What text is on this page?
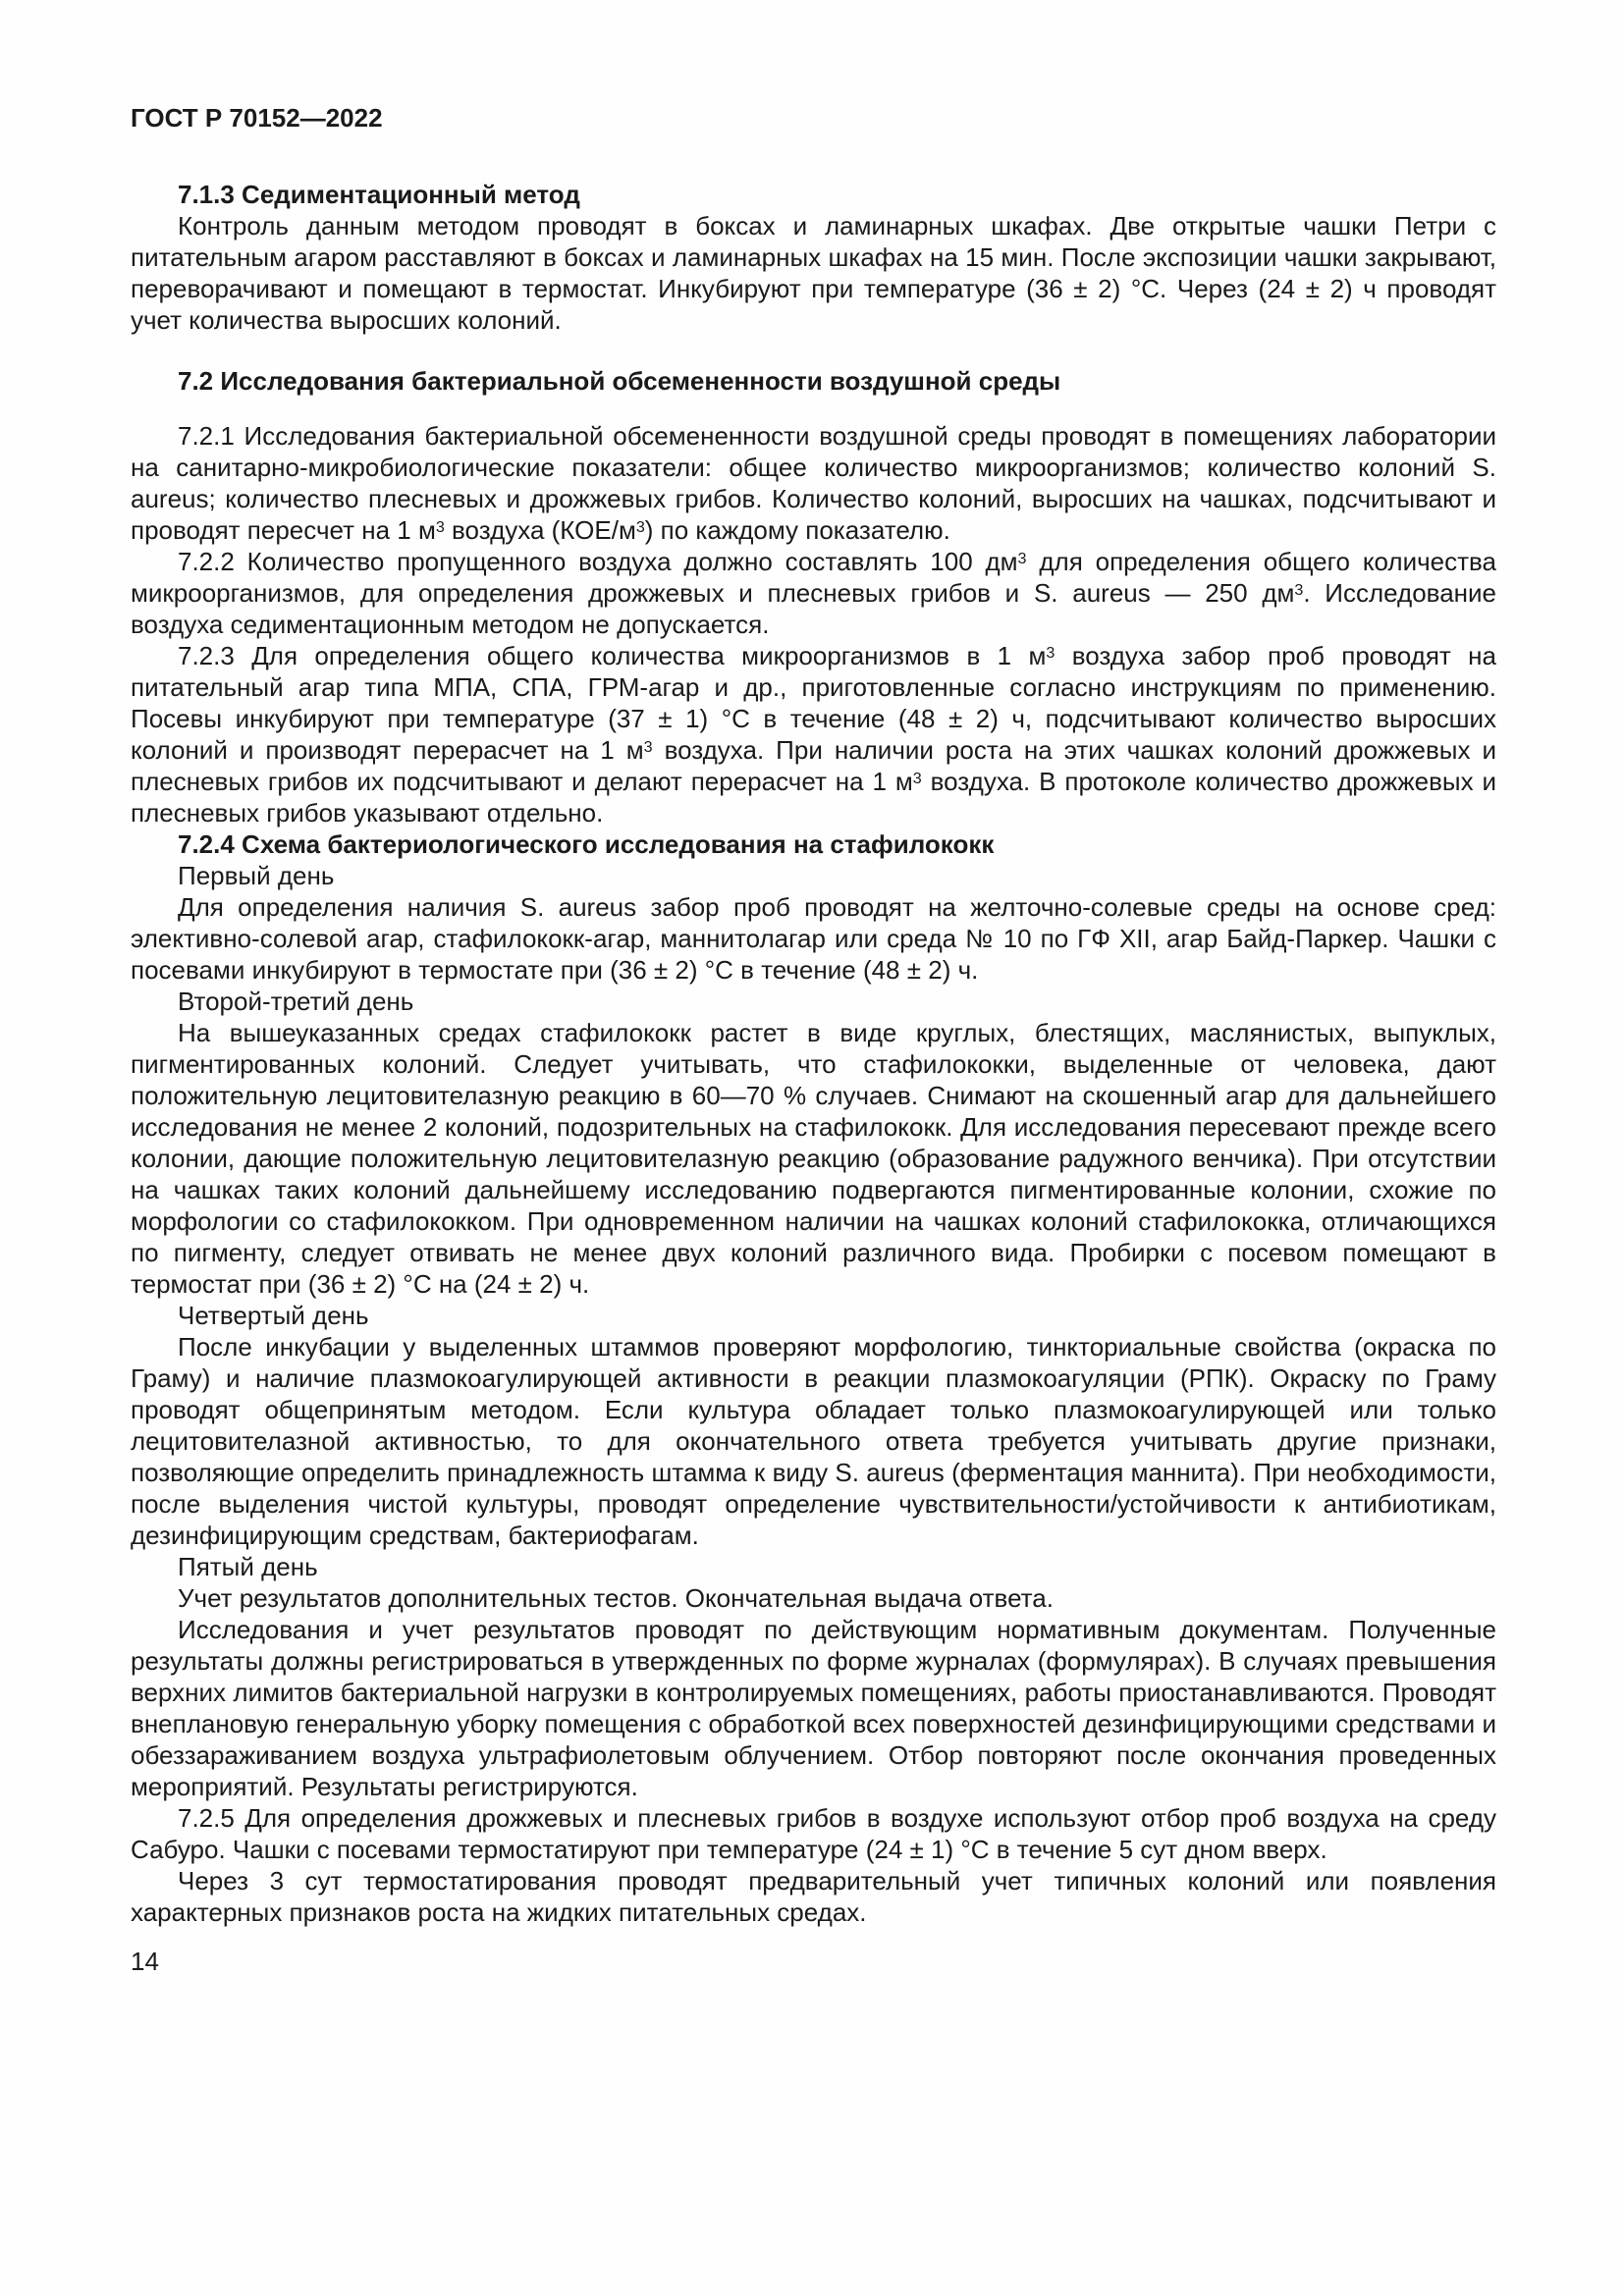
ГОСТ Р 70152—2022
7.1.3 Седиментационный метод

Контроль данным методом проводят в боксах и ламинарных шкафах. Две открытые чашки Петри с питательным агаром расставляют в боксах и ламинарных шкафах на 15 мин. После экспозиции чашки закрывают, переворачивают и помещают в термостат. Инкубируют при температуре (36 ± 2) °C. Через (24 ± 2) ч проводят учет количества выросших колоний.

7.2 Исследования бактериальной обсемененности воздушной среды

7.2.1 Исследования бактериальной обсемененности воздушной среды проводят в помещениях лаборатории на санитарно-микробиологические показатели: общее количество микроорганизмов; количество колоний S. aureus; количество плесневых и дрожжевых грибов. Количество колоний, выросших на чашках, подсчитывают и проводят пересчет на 1 $м^3$ воздуха $(КОЕ/м^3)$ по каждому показателю.

7.2.2 Количество пропущенного воздуха должно составлять 100 $дм^3$ для определения общего количества микроорганизмов, для определения дрожжевых и плесневых грибов и S. aureus — 250 $дм^3$. Исследование воздуха седиментационным методом не допускается.

7.2.3 Для определения общего количества микроорганизмов в 1 $м^3$ воздуха забор проб проводят на питательный агар типа МПА, СПА, ГРМ-агар и др., приготовленные согласно инструкциям по применению. Посевы инкубируют при температуре (37 ± 1) °C в течение (48 ± 2) ч, подсчитывают количество выросших колоний и производят перерасчет на 1 $м^3$ воздуха. При наличии роста на этих чашках колоний дрожжевых и плесневых грибов их подсчитывают и делают перерасчет на 1 $м^3$ воздуха. В протоколе количество дрожжевых и плесневых грибов указывают отдельно.

7.2.4 Схема бактериологического исследования на стафилококк

Первый день

Для определения наличия S. aureus забор проб проводят на желточно-солевые среды на основе сред: элективно-солевой агар, стафилококк-агар, маннитолагар или среда № 10 по ГФ XII, агар Байд-Паркер. Чашки с посевами инкубируют в термостате при (36 ± 2) °C в течение (48 ± 2) ч.

Второй-третий день

На вышеуказанных средах стафилококк растет в виде круглых, блестящих, маслянистых, выпуклых, пигментированных колоний. Следует учитывать, что стафилококки, выделенные от человека, дают положительную лецитовителазную реакцию в 60—70 % случаев. Снимают на скошенный агар для дальнейшего исследования не менее 2 колоний, подозрительных на стафилококк. Для исследования пересевают прежде всего колонии, дающие положительную лецитовителазную реакцию (образование радужного венчика). При отсутствии на чашках таких колоний дальнейшему исследованию подвергаются пигментированные колонии, схожие по морфологии со стафилококком. При одновременном наличии на чашках колоний стафилококка, отличающихся по пигменту, следует отвивать не менее двух колоний различного вида. Пробирки с посевом помещают в термостат при (36 ± 2) °C на (24 ± 2) ч.

Четвертый день

После инкубации у выделенных штаммов проверяют морфологию, тинкториальные свойства (окраска по Граму) и наличие плазмокоагулирующей активности в реакции плазмокоагуляции (РПК). Окраску по Граму проводят общепринятым методом. Если культура обладает только плазмокоагулирующей или только лецитовителазной активностью, то для окончательного ответа требуется учитывать другие признаки, позволяющие определить принадлежность штамма к виду S. aureus (ферментация маннита). При необходимости, после выделения чистой культуры, проводят определение чувствительности/устойчивости к антибиотикам, дезинфицирующим средствам, бактериофагам.

Пятый день

Учет результатов дополнительных тестов. Окончательная выдача ответа.

Исследования и учет результатов проводят по действующим нормативным документам. Полученные результаты должны регистрироваться в утвержденных по форме журналах (формулярах). В случаях превышения верхних лимитов бактериальной нагрузки в контролируемых помещениях, работы приостанавливаются. Проводят внеплановую генеральную уборку помещения с обработкой всех поверхностей дезинфицирующими средствами и обеззараживанием воздуха ультрафиолетовым облучением. Отбор повторяют после окончания проведенных мероприятий. Результаты регистрируются.

7.2.5 Для определения дрожжевых и плесневых грибов в воздухе используют отбор проб воздуха на среду Сабуро. Чашки с посевами термостатируют при температуре (24 ± 1) °C в течение 5 сут дном вверх.

Через 3 сут термостатирования проводят предварительный учет типичных колоний или появления характерных признаков роста на жидких питательных средах.

14
